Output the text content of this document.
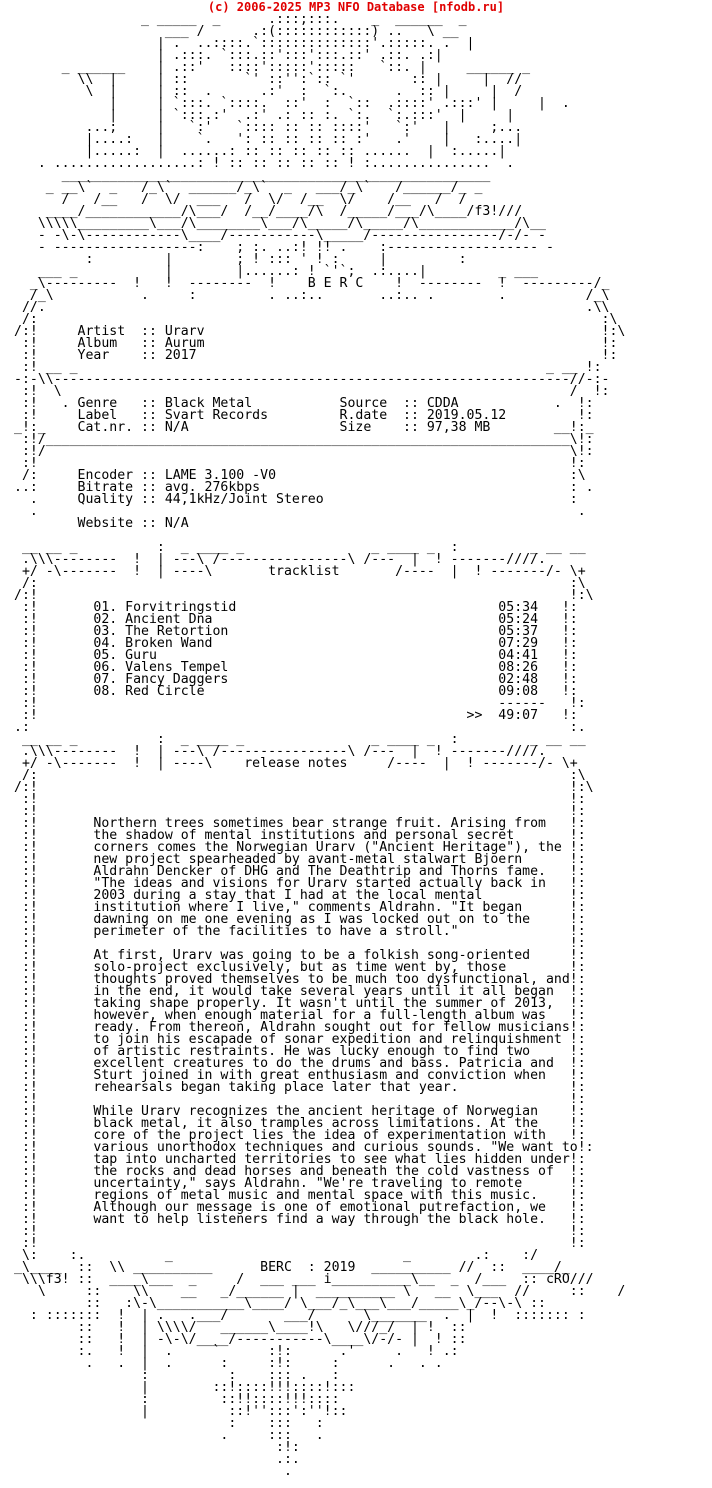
(c) 2006-2025 MP3 NFO Database [nfodb.ru]
_ _____  _      .:::;:::.    _  ______  _
___ /      .:(::::::::::::) ..   \ __
| .  ..::::.`::::::::::::::'.:::::. .  |
| .:::. `:::.::':::':::.::' .::. .:|
_ ______    | .::'   ::::':::::':::::   `::. |     ______ _
\\  |     | ::       `' ::'':`:: `'       :: |     |  //
\  |     | ::  .      .:'  :  `:.      .  :: |     |  /
|     | `:::. `::::.  ::'  :  `::  .::::' .:::' |     |  .
|     | `:::.:'  .:' .: :: :. `:.  `:.:::'  |     |
...;     |   `:'   `:::: :: :: ::::'   `:'   |     ;...
|....:   |    `.   ': :: :: :: :: :'   .'    |   :....|
|.....:  |  ......: :: :: :: :: :: ......  |  :.....|
. ..................: ! :: :: :: :: :: ! :...............  .
______________________________________________________
_ __\`  _   /_\`  ______/_\`  _   ___/_\`   /______/_ _
/   /__   /  \/  ___   /  \/  /__  \/    /__   /  /
____/____________/\___/  /__/____/\  /_____/___/\____/f3!///
\\\\\_________\___/\________\___/\_____/\_____/\____________/\__
- -\-\------------\____/-----------\_____/----------------/-/- -
- ------------------:    ; :. ..:! !! .    :------------------- -
:         |        ; ! ::: ' ! :     |         :
___ _           |        |......: ! `'`;  .:....|         _ ___
_\---------  !   !  --------  !    B E R C    !  --------  !  ---------/_
/_\           .     :         . ..:..       ..:.. .        .          /_\
//.                                                                    .\\
/:                                                                       :\
/:!     Artist  :: Urarv                                                  !:\
:!     Album   :: Aurum                                                  !:
:!     Year    :: 2017                                                   !:
:! __ _                                                           _ __ !:
-:-\\-----------------------------------------------------------------//-:-
:!  \                                                                /  !:
:!   . Genre   :: Black Metal           Source  :: CDDA            .  !:
:!     Label   :: Svart Records         R.date  :: 2019.05.12         !:
_!:_    Cat.nr. :: N/A                   Size    :: 97,38 MB        __!:_
:!/__________________________________________________________________\!:
:!/                                                                  \!:
:!                                                                   !:
/:     Encoder :: LAME 3.100 -V0                                     :\
..:     Bitrate :: avg. 276kbps                                       : .
.     Quality :: 44,1kHz/Joint Stereo                               :
.                                                                    .
Website :: N/A

__ __ _          :  _ ____ _                _ ____ _  :         _ __ __
.\\\--------  !  | ---\ /----------------\ /---  |  ! -------////.
+/ -\-------  !  | ----\       tracklist       /----  |  ! -------/- \+
/:                                                                   :\
/:!                                                                   !:\
:!       01. Forvitringstid                                 05:34   !:
:!       02. Ancient Dna                                    05:24   !:
:!       03. The Retortion                                  05:37   !:
:!       04. Broken Wand                                    07:29   !:
:!       05. Guru                                           04:41   !:
:!       06. Valens Tempel                                  08:26   !:
:!       07. Fancy Daggers                                  02:48   !:
:!       08. Red Circle                                     09:08   !:
:!                                                          ------   !:
:!                                                      >>  49:07   !:
.:                                                                    :.
__ __ _          :  _ ____ _                _ ____ _  :         _ __ __
.\\\--------  !  | ---\ /----------------\ /---  |  ! -------////.
+/ -\-------  !  | ----\    release notes     /----  |  ! -------/- \+
/:                                                                   :\
/:!                                                                   !:\
:!                                                                   !:
:!                                                                   !:
:!       Northern trees sometimes bear strange fruit. Arising from   !:
:!       the shadow of mental institutions and personal secret       !:
:!       corners comes the Norwegian Urarv ("Ancient Heritage"), the !:
:!       new project spearheaded by avant-metal stalwart Bjoern      !:
:!       Aldrahn Dencker of DHG and The Deathtrip and Thorns fame.   !:
:!       "The ideas and visions for Urarv started actually back in   !:
:!       2003 during a stay that I had at the local mental           !:
:!       institution where I live," comments Aldrahn. "It began      !:
:!       dawning on me one evening as I was locked out on to the     !:
:!       perimeter of the facilities to have a stroll."              !:
:!                                                                   !:
:!       At first, Urarv was going to be a folkish song-oriented     !:
:!       solo-project exclusively, but as time went by, those        !:
:!       thoughts proved themselves to be much too dysfunctional, and!:
:!       in the end, it would take several years until it all began  !:
:!       taking shape properly. It wasn't until the summer of 2013,  !:
:!       however, when enough material for a full-length album was   !:
:!       ready. From thereon, Aldrahn sought out for fellow musicians!:
:!       to join his escapade of sonar expedition and relinquishment !:
:!       of artistic restraints. He was lucky enough to find two     !:
:!       excellent creatures to do the drums and bass. Patricia and  !:
:!       Sturt joined in with great enthusiasm and conviction when   !:
:!       rehearsals began taking place later that year.              !:
:!                                                                   !:
:!       While Urarv recognizes the ancient heritage of Norwegian    !:
:!       black metal, it also tramples across limitations. At the    !:
:!       core of the project lies the idea of experimentation with   !:
:!       various unorthodox techniques and curious sounds. "We want to!:
:!       tap into uncharted territories to see what lies hidden under!:
:!       the rocks and dead horses and beneath the cold vastness of  !:
:!       uncertainty," says Aldrahn. "We're traveling to remote      !:
:!       regions of metal music and mental space with this music.    !:
:!       Although our message is one of emotional putrefaction, we   !:
:!       want to help listeners find a way through the black hole.   !:
:!                                                                   !:
:!                                                                   !:
\:    :.          _                             _        .:    :/
_\____  ::  \\ __________      BERC  : 2019  __________ //  ::  ____/_
\\\f3! ::  ____\___  _     /  ___ ___ i__________\__  _  /___  :: cRO///
\     ::    \\    __   _/______ |  __________ \   __  \___  //     ::    /
::   :\-\___________\____/ \___/_\___\___/_____\_/--\-\ ::
: :::::::  !  | .   .___/       ___/      \_______  .  |  !  ::::::: :
::   !  | \\\\/   ______\____!\   \///_/  | !  ::
::   !  | -\-\/____/-----------\____\/-/- |  ! ::
:.   !  |  .     `      :!:      .'     .   ! .:
.   .  |  .      :     :!:     :      .   . .
:          :    ::: .   :
|        ::!::::!!!::::!:::
:         ::!!::::!!!::::
|          ::!'':::':''!::
:    :::   :
.     :::   .
:!:
.:.
.
